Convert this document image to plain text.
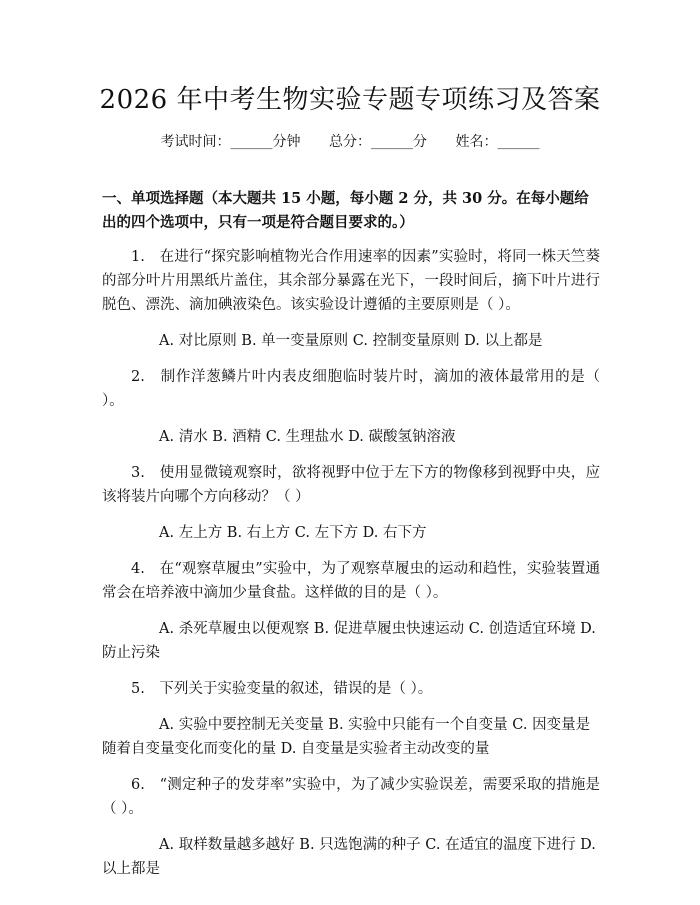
2026 年中考生物实验专题专项练习及答案
考试时间：______分钟 总分：______分 姓名：______
一、单项选择题（本大题共 15 小题，每小题 2 分，共 30 分。在每小题给出的四个选项中，只有一项是符合题目要求的。）
1.　在进行“探究影响植物光合作用速率的因素”实验时，将同一株天竺葵的部分叶片用黑纸片盖住，其余部分暴露在光下，一段时间后，摘下叶片进行脱色、漂洗、滴加碘液染色。该实验设计遵循的主要原则是（ ）。
A. 对比原则 B. 单一变量原则 C. 控制变量原则 D. 以上都是
2.　制作洋葱鳞片叶内表皮细胞临时装片时，滴加的液体最常用的是（ ）。
A. 清水 B. 酒精 C. 生理盐水 D. 碳酸氢钠溶液
3.　使用显微镜观察时，欲将视野中位于左下方的物像移到视野中央，应该将装片向哪个方向移动？（ ）
A. 左上方 B. 右上方 C. 左下方 D. 右下方
4.　在“观察草履虫”实验中，为了观察草履虫的运动和趋性，实验装置通常会在培养液中滴加少量食盐。这样做的目的是（ ）。
A. 杀死草履虫以便观察 B. 促进草履虫快速运动 C. 创造适宜环境 D. 防止污染
5.　下列关于实验变量的叙述，错误的是（ ）。
A. 实验中要控制无关变量 B. 实验中只能有一个自变量 C. 因变量是随着自变量变化而变化的量 D. 自变量是实验者主动改变的量
6.　“测定种子的发芽率”实验中，为了减少实验误差，需要采取的措施是（ ）。
A. 取样数量越多越好 B. 只选饱满的种子 C. 在适宜的温度下进行 D. 以上都是
